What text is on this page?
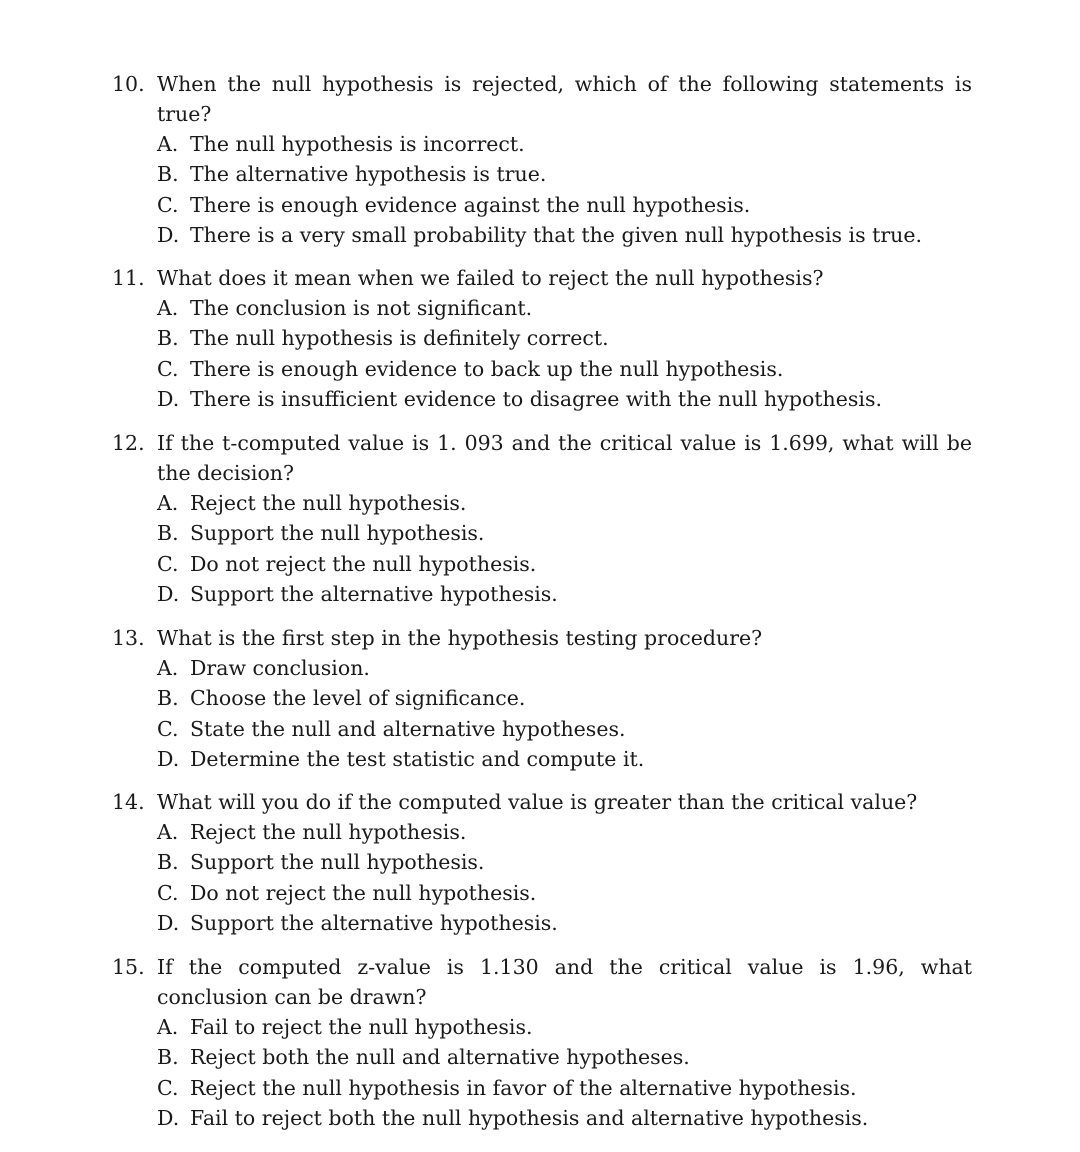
10. When the null hypothesis is rejected, which of the following statements is true?
A. The null hypothesis is incorrect.
B. The alternative hypothesis is true.
C. There is enough evidence against the null hypothesis.
D. There is a very small probability that the given null hypothesis is true.
11. What does it mean when we failed to reject the null hypothesis?
A. The conclusion is not significant.
B. The null hypothesis is definitely correct.
C. There is enough evidence to back up the null hypothesis.
D. There is insufficient evidence to disagree with the null hypothesis.
12. If the t-computed value is 1. 093 and the critical value is 1.699, what will be the decision?
A. Reject the null hypothesis.
B. Support the null hypothesis.
C. Do not reject the null hypothesis.
D. Support the alternative hypothesis.
13. What is the first step in the hypothesis testing procedure?
A. Draw conclusion.
B. Choose the level of significance.
C. State the null and alternative hypotheses.
D. Determine the test statistic and compute it.
14. What will you do if the computed value is greater than the critical value?
A. Reject the null hypothesis.
B. Support the null hypothesis.
C. Do not reject the null hypothesis.
D. Support the alternative hypothesis.
15. If the computed z-value is 1.130 and the critical value is 1.96, what conclusion can be drawn?
A. Fail to reject the null hypothesis.
B. Reject both the null and alternative hypotheses.
C. Reject the null hypothesis in favor of the alternative hypothesis.
D. Fail to reject both the null hypothesis and alternative hypothesis.
